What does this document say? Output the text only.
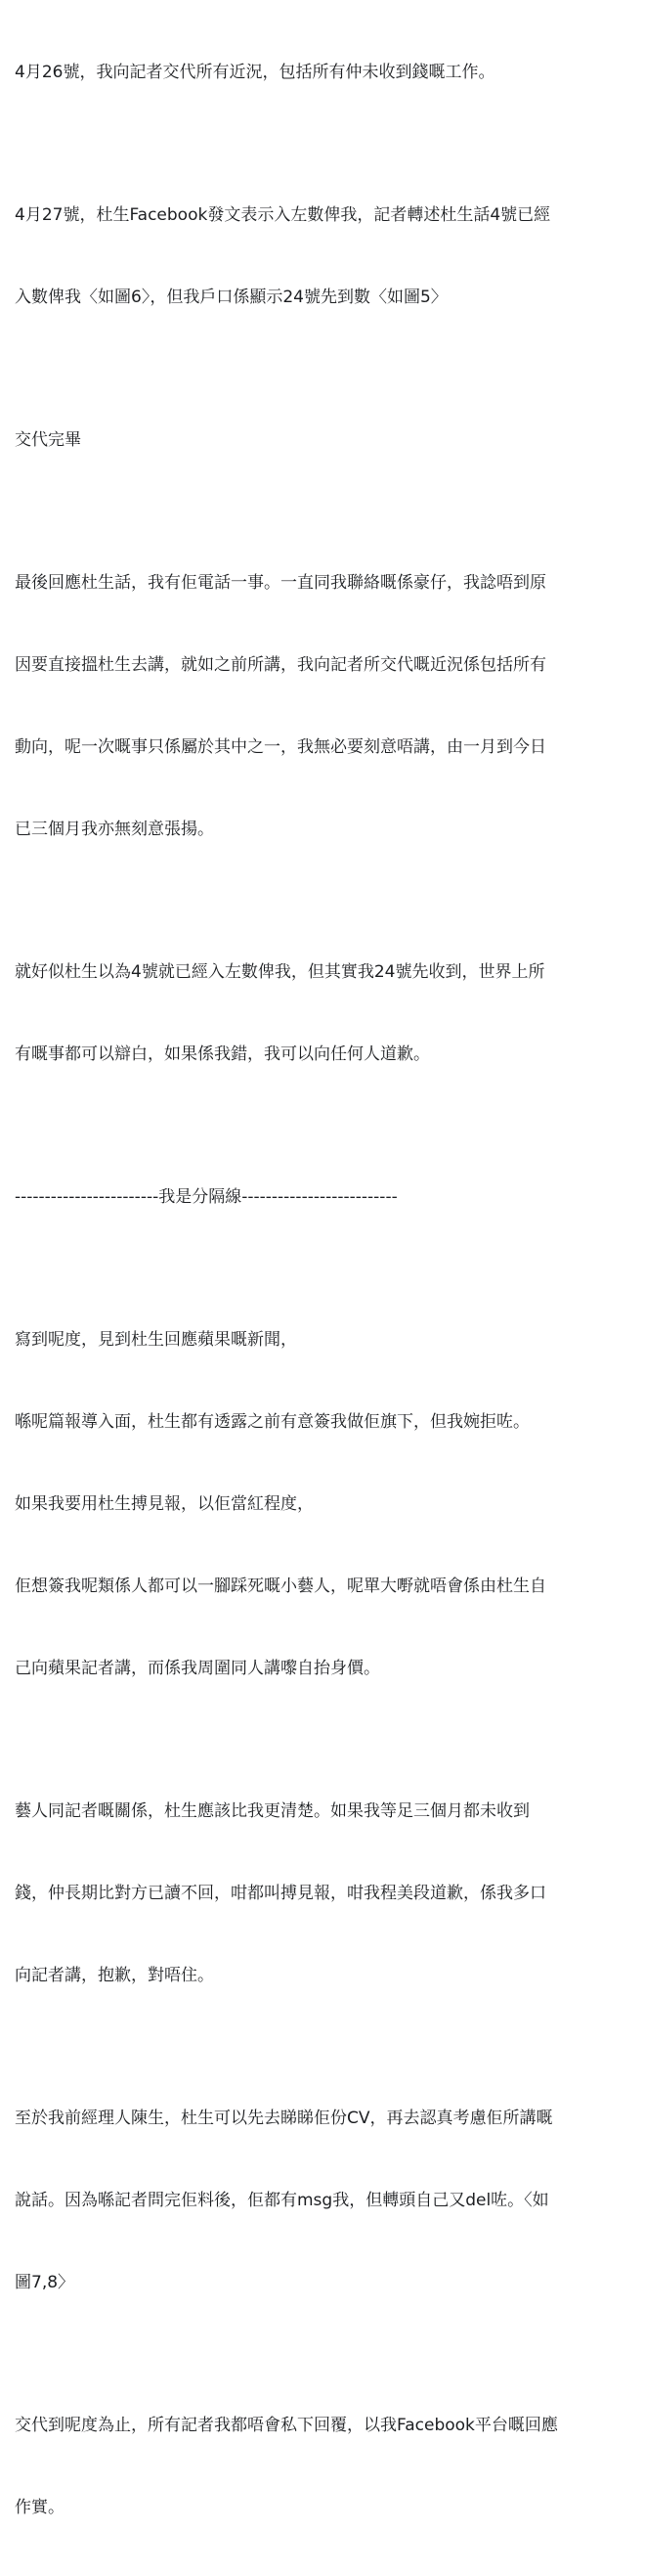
4月26號，我向記者交代所有近況，包括所有仲未收到錢嘅工作。

4月27號，杜生Facebook發文表示入左數俾我，記者轉述杜生話4號已經

入數俾我〈如圖6〉，但我戶口係顯示24號先到數〈如圖5〉

交代完畢

最後回應杜生話，我有佢電話一事。一直同我聯絡嘅係豪仔，我諗唔到原

因要直接搵杜生去講，就如之前所講，我向記者所交代嘅近況係包括所有

動向，呢一次嘅事只係屬於其中之一，我無必要刻意唔講，由一月到今日

已三個月我亦無刻意張揚。

就好似杜生以為4號就已經入左數俾我，但其實我24號先收到，世界上所

有嘅事都可以辯白，如果係我錯，我可以向任何人道歉。

------------------------我是分隔線--------------------------

寫到呢度，見到杜生回應蘋果嘅新聞，

喺呢篇報導入面，杜生都有透露之前有意簽我做佢旗下，但我婉拒咗。

如果我要用杜生搏見報，以佢當紅程度，

佢想簽我呢類係人都可以一腳踩死嘅小藝人，呢單大嘢就唔會係由杜生自

己向蘋果記者講，而係我周圍同人講嚟自抬身價。

藝人同記者嘅關係，杜生應該比我更清楚。如果我等足三個月都未收到

錢，仲長期比對方已讀不回，咁都叫搏見報，咁我程美段道歉，係我多口

向記者講，抱歉，對唔住。

至於我前經理人陳生，杜生可以先去睇睇佢份CV，再去認真考慮佢所講嘅

說話。因為喺記者問完佢料後，佢都有msg我，但轉頭自己又del咗。〈如

圖7,8〉

交代到呢度為止，所有記者我都唔會私下回覆，以我Facebook平台嘅回應

作實。
